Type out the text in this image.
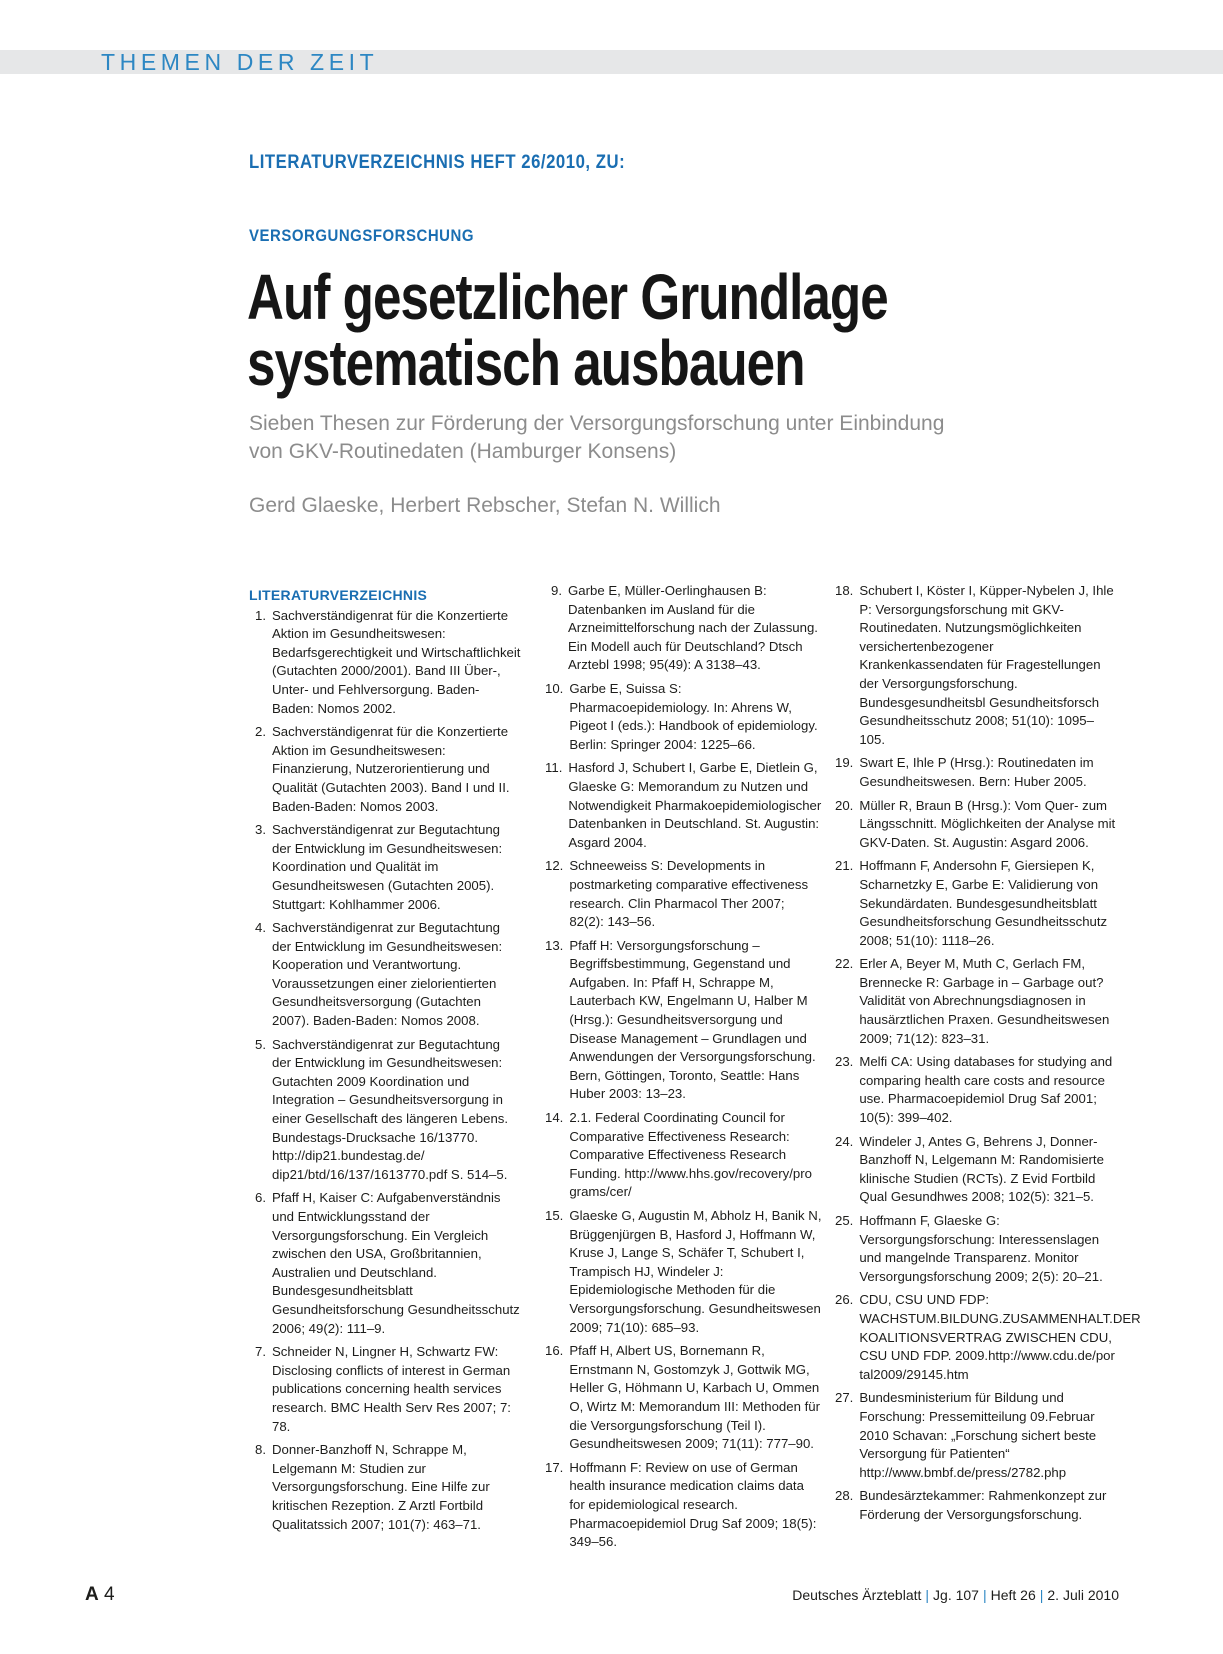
THEMEN DER ZEIT
LITERATURVERZEICHNIS HEFT 26/2010, ZU:
VERSORGUNGSFORSCHUNG
Auf gesetzlicher Grundlage
systematisch ausbauen
Sieben Thesen zur Förderung der Versorgungsforschung unter Einbindung
von GKV-Routinedaten (Hamburger Konsens)
Gerd Glaeske, Herbert Rebscher, Stefan N. Willich
LITERATURVERZEICHNIS
1. Sachverständigenrat für die Konzertierte Aktion im Gesundheitswesen: Bedarfsgerechtigkeit und Wirtschaftlichkeit (Gutachten 2000/2001). Band III Über-, Unter- und Fehlversorgung. Baden-Baden: Nomos 2002.
2. Sachverständigenrat für die Konzertierte Aktion im Gesundheitswesen: Finanzierung, Nutzerorientierung und Qualität (Gutachten 2003). Band I und II. Baden-Baden: Nomos 2003.
3. Sachverständigenrat zur Begutachtung der Entwicklung im Gesundheitswesen: Koordination und Qualität im Gesundheitswesen (Gutachten 2005). Stuttgart: Kohlhammer 2006.
4. Sachverständigenrat zur Begutachtung der Entwicklung im Gesundheitswesen: Kooperation und Verantwortung. Voraussetzungen einer zielorientierten Gesundheitsversorgung (Gutachten 2007). Baden-Baden: Nomos 2008.
5. Sachverständigenrat zur Begutachtung der Entwicklung im Gesundheitswesen: Gutachten 2009 Koordination und Integration – Gesundheitsversorgung in einer Gesellschaft des längeren Lebens. Bundestags-Drucksache 16/13770. http://dip21.bundestag.de/ dip21/btd/16/137/1613770.pdf S. 514–5.
6. Pfaff H, Kaiser C: Aufgabenverständnis und Entwicklungsstand der Versorgungsforschung. Ein Vergleich zwischen den USA, Großbritannien, Australien und Deutschland. Bundesgesundheitsblatt Gesundheitsforschung Gesundheitsschutz 2006; 49(2): 111–9.
7. Schneider N, Lingner H, Schwartz FW: Disclosing conflicts of interest in German publications concerning health services research. BMC Health Serv Res 2007; 7: 78.
8. Donner-Banzhoff N, Schrappe M, Lelgemann M: Studien zur Versorgungsforschung. Eine Hilfe zur kritischen Rezeption. Z Arztl Fortbild Qualitatssich 2007; 101(7): 463–71.
9. Garbe E, Müller-Oerlinghausen B: Datenbanken im Ausland für die Arzneimittelforschung nach der Zulassung. Ein Modell auch für Deutschland? Dtsch Arztebl 1998; 95(49): A 3138–43.
10. Garbe E, Suissa S: Pharmacoepidemiology. In: Ahrens W, Pigeot I (eds.): Handbook of epidemiology. Berlin: Springer 2004: 1225–66.
11. Hasford J, Schubert I, Garbe E, Dietlein G, Glaeske G: Memorandum zu Nutzen und Notwendigkeit Pharmakoepidemiologischer Datenbanken in Deutschland. St. Augustin: Asgard 2004.
12. Schneeweiss S: Developments in postmarketing comparative effectiveness research. Clin Pharmacol Ther 2007; 82(2): 143–56.
13. Pfaff H: Versorgungsforschung – Begriffsbestimmung, Gegenstand und Aufgaben. In: Pfaff H, Schrappe M, Lauterbach KW, Engelmann U, Halber M (Hrsg.): Gesundheitsversorgung und Disease Management – Grundlagen und Anwendungen der Versorgungsforschung. Bern, Göttingen, Toronto, Seattle: Hans Huber 2003: 13–23.
14. 2.1. Federal Coordinating Council for Comparative Effectiveness Research: Comparative Effectiveness Research Funding. http://www.hhs.gov/recovery/pro grams/cer/
15. Glaeske G, Augustin M, Abholz H, Banik N, Brüggenjürgen B, Hasford J, Hoffmann W, Kruse J, Lange S, Schäfer T, Schubert I, Trampisch HJ, Windeler J: Epidemiologische Methoden für die Versorgungsforschung. Gesundheitswesen 2009; 71(10): 685–93.
16. Pfaff H, Albert US, Bornemann R, Ernstmann N, Gostomzyk J, Gottwik MG, Heller G, Höhmann U, Karbach U, Ommen O, Wirtz M: Memorandum III: Methoden für die Versorgungsforschung (Teil I). Gesundheitswesen 2009; 71(11): 777–90.
17. Hoffmann F: Review on use of German health insurance medication claims data for epidemiological research. Pharmacoepidemiol Drug Saf 2009; 18(5): 349–56.
18. Schubert I, Köster I, Küpper-Nybelen J, Ihle P: Versorgungsforschung mit GKV-Routinedaten. Nutzungsmöglichkeiten versichertenbezogener Krankenkassendaten für Fragestellungen der Versorgungsforschung. Bundesgesundheitsbl Gesundheitsforsch Gesundheitsschutz 2008; 51(10): 1095–105.
19. Swart E, Ihle P (Hrsg.): Routinedaten im Gesundheitswesen. Bern: Huber 2005.
20. Müller R, Braun B (Hrsg.): Vom Quer- zum Längsschnitt. Möglichkeiten der Analyse mit GKV-Daten. St. Augustin: Asgard 2006.
21. Hoffmann F, Andersohn F, Giersiepen K, Scharnetzky E, Garbe E: Validierung von Sekundärdaten. Bundesgesundheitsblatt Gesundheitsforschung Gesundheitsschutz 2008; 51(10): 1118–26.
22. Erler A, Beyer M, Muth C, Gerlach FM, Brennecke R: Garbage in – Garbage out? Validität von Abrechnungsdiagnosen in hausärztlichen Praxen. Gesundheitswesen 2009; 71(12): 823–31.
23. Melfi CA: Using databases for studying and comparing health care costs and resource use. Pharmacoepidemiol Drug Saf 2001; 10(5): 399–402.
24. Windeler J, Antes G, Behrens J, Donner-Banzhoff N, Lelgemann M: Randomisierte klinische Studien (RCTs). Z Evid Fortbild Qual Gesundhwes 2008; 102(5): 321–5.
25. Hoffmann F, Glaeske G: Versorgungsforschung: Interessenslagen und mangelnde Transparenz. Monitor Versorgungsforschung 2009; 2(5): 20–21.
26. CDU, CSU UND FDP: WACHSTUM.BILDUNG.ZUSAMMENHALT.DER KOALITIONSVERTRAG ZWISCHEN CDU, CSU UND FDP. 2009.http://www.cdu.de/por tal2009/29145.htm
27. Bundesministerium für Bildung und Forschung: Pressemitteilung 09.Februar 2010 Schavan: „Forschung sichert beste Versorgung für Patienten“ http://www.bmbf.de/press/2782.php
28. Bundesärztekammer: Rahmenkonzept zur Förderung der Versorgungsforschung.
A 4	Deutsches Ärzteblatt | Jg. 107 | Heft 26 | 2. Juli 2010
